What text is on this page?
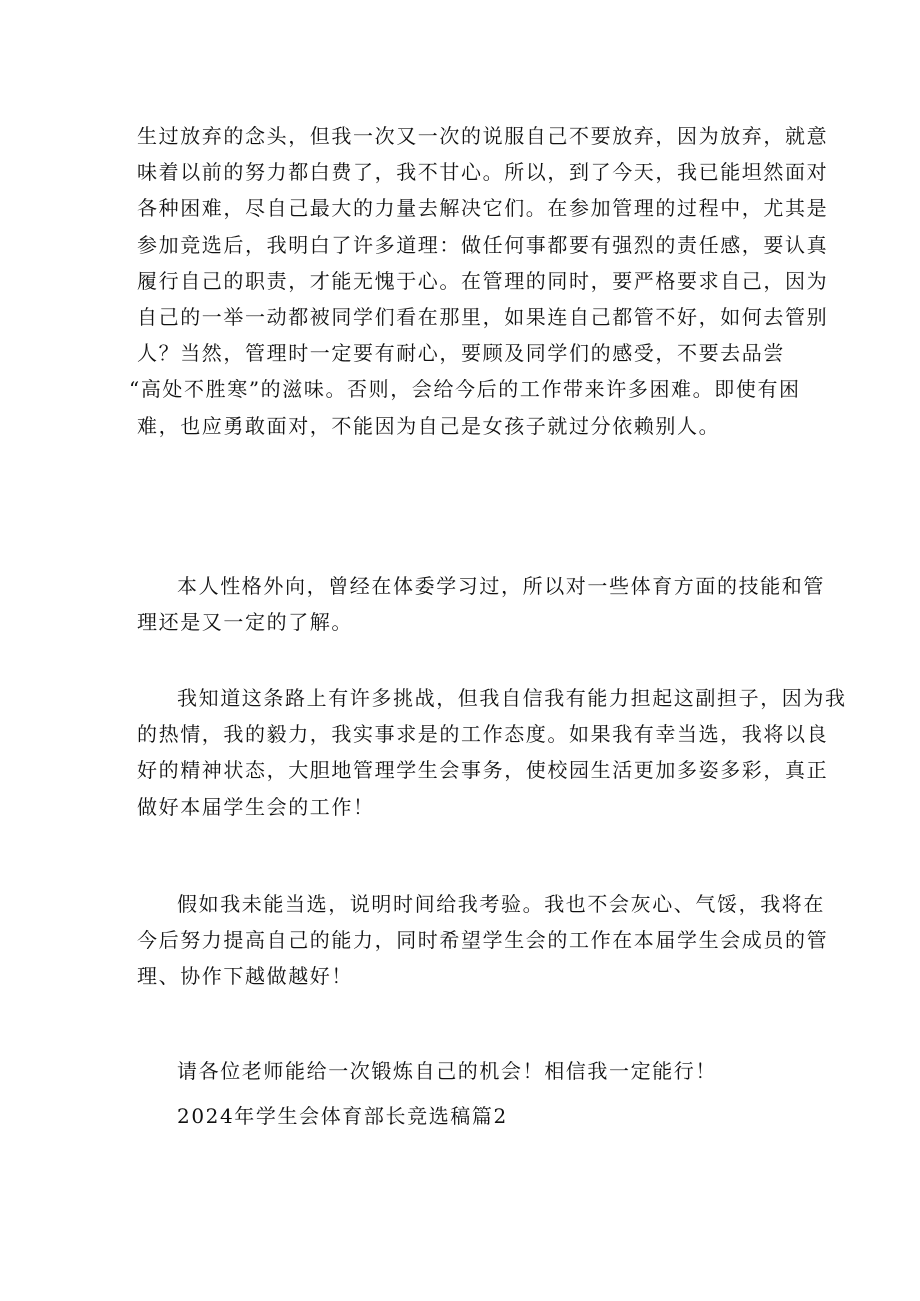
生过放弃的念头，但我一次又一次的说服自己不要放弃，因为放弃，就意
味着以前的努力都白费了，我不甘心。所以，到了今天，我已能坦然面对
各种困难，尽自己最大的力量去解决它们。在参加管理的过程中，尤其是
参加竞选后，我明白了许多道理：做任何事都要有强烈的责任感，要认真
履行自己的职责，才能无愧于心。在管理的同时，要严格要求自己，因为
自己的一举一动都被同学们看在那里，如果连自己都管不好，如何去管别
人？当然，管理时一定要有耐心，要顾及同学们的感受，不要去品尝
“高处不胜寒”的滋味。否则，会给今后的工作带来许多困难。即使有困
难，也应勇敢面对，不能因为自己是女孩子就过分依赖别人。

本人性格外向，曾经在体委学习过，所以对一些体育方面的技能和管
理还是又一定的了解。

我知道这条路上有许多挑战，但我自信我有能力担起这副担子，因为我
的热情，我的毅力，我实事求是的工作态度。如果我有幸当选，我将以良
好的精神状态，大胆地管理学生会事务，使校园生活更加多姿多彩，真正
做好本届学生会的工作！

假如我未能当选，说明时间给我考验。我也不会灰心、气馁，我将在
今后努力提高自己的能力，同时希望学生会的工作在本届学生会成员的管
理、协作下越做越好！

请各位老师能给一次锻炼自己的机会！相信我一定能行！

2024年学生会体育部长竞选稿篇2
